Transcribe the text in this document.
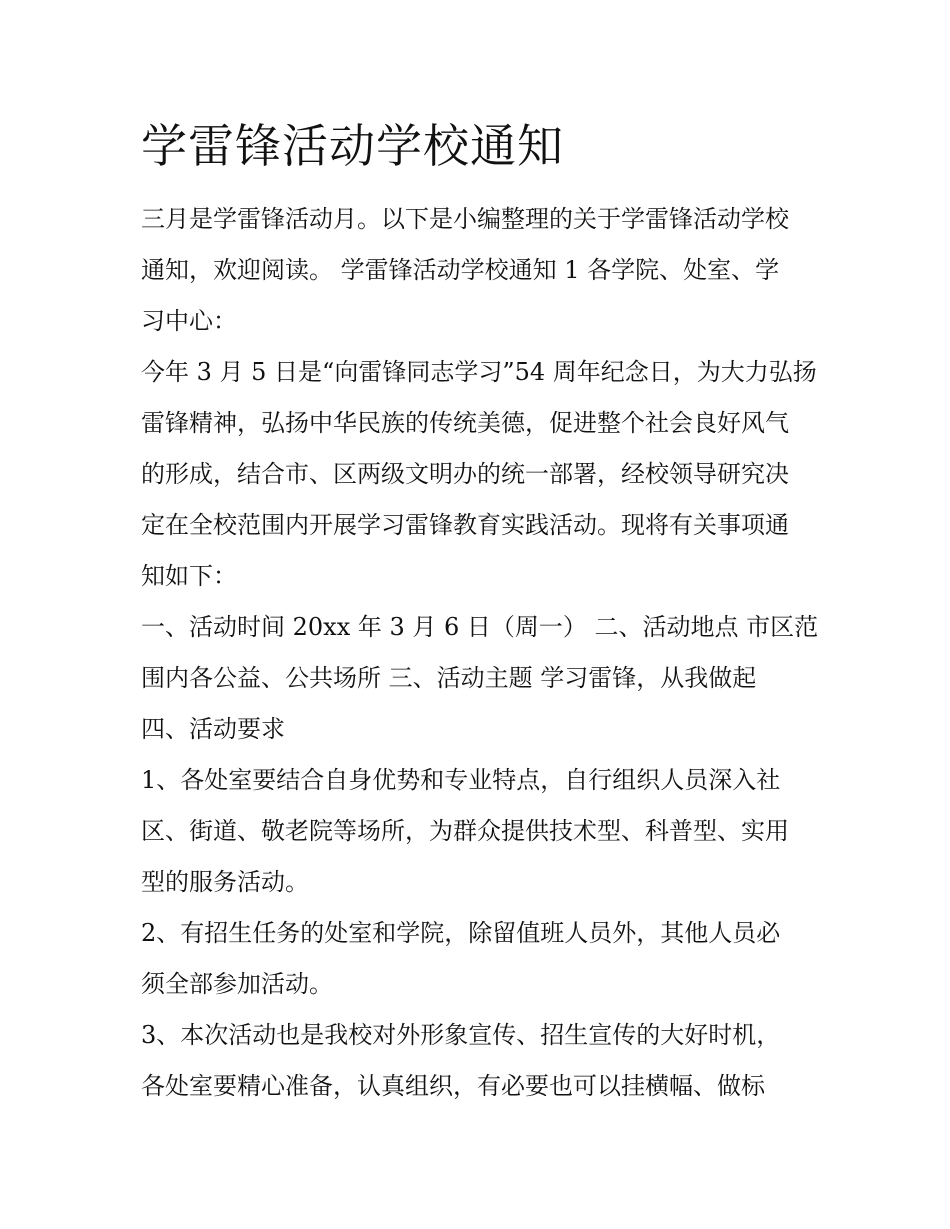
学雷锋活动学校通知
三月是学雷锋活动月。以下是小编整理的关于学雷锋活动学校
通知，欢迎阅读。 学雷锋活动学校通知 1 各学院、处室、学
习中心：
今年 3 月 5 日是“向雷锋同志学习”54 周年纪念日，为大力弘扬
雷锋精神，弘扬中华民族的传统美德，促进整个社会良好风气
的形成，结合市、区两级文明办的统一部署，经校领导研究决
定在全校范围内开展学习雷锋教育实践活动。现将有关事项通
知如下：
一、活动时间 20xx 年 3 月 6 日（周一） 二、活动地点 市区范
围内各公益、公共场所 三、活动主题 学习雷锋，从我做起
四、活动要求
1、各处室要结合自身优势和专业特点，自行组织人员深入社
区、街道、敬老院等场所，为群众提供技术型、科普型、实用
型的服务活动。
2、有招生任务的处室和学院，除留值班人员外，其他人员必
须全部参加活动。
3、本次活动也是我校对外形象宣传、招生宣传的大好时机，
各处室要精心准备，认真组织，有必要也可以挂横幅、做标
